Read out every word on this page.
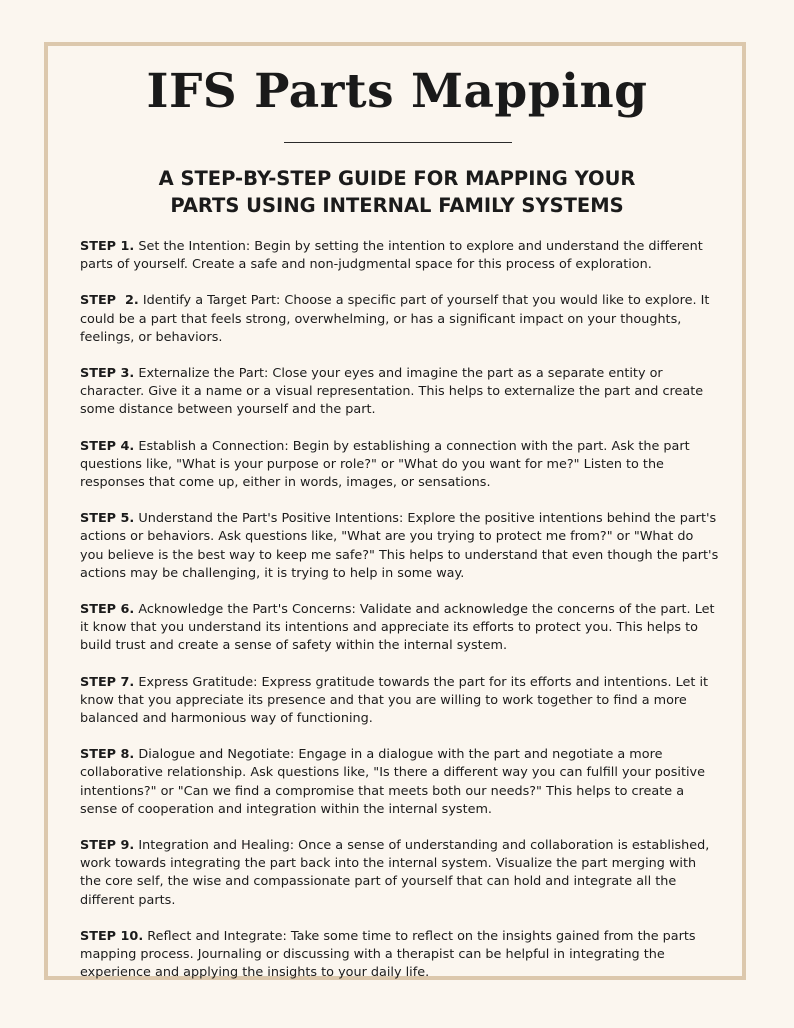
IFS Parts Mapping
A STEP-BY-STEP GUIDE FOR MAPPING YOUR
PARTS USING INTERNAL FAMILY SYSTEMS
STEP 1. Set the Intention: Begin by setting the intention to explore and understand the different parts of yourself. Create a safe and non-judgmental space for this process of exploration.
STEP  2. Identify a Target Part: Choose a specific part of yourself that you would like to explore. It could be a part that feels strong, overwhelming, or has a significant impact on your thoughts, feelings, or behaviors.
STEP 3. Externalize the Part: Close your eyes and imagine the part as a separate entity or character. Give it a name or a visual representation. This helps to externalize the part and create some distance between yourself and the part.
STEP 4. Establish a Connection: Begin by establishing a connection with the part. Ask the part questions like, "What is your purpose or role?" or "What do you want for me?" Listen to the responses that come up, either in words, images, or sensations.
STEP 5. Understand the Part's Positive Intentions: Explore the positive intentions behind the part's actions or behaviors. Ask questions like, "What are you trying to protect me from?" or "What do you believe is the best way to keep me safe?" This helps to understand that even though the part's actions may be challenging, it is trying to help in some way.
STEP 6. Acknowledge the Part's Concerns: Validate and acknowledge the concerns of the part. Let it know that you understand its intentions and appreciate its efforts to protect you. This helps to build trust and create a sense of safety within the internal system.
STEP 7. Express Gratitude: Express gratitude towards the part for its efforts and intentions. Let it know that you appreciate its presence and that you are willing to work together to find a more balanced and harmonious way of functioning.
STEP 8. Dialogue and Negotiate: Engage in a dialogue with the part and negotiate a more collaborative relationship. Ask questions like, "Is there a different way you can fulfill your positive intentions?" or "Can we find a compromise that meets both our needs?" This helps to create a sense of cooperation and integration within the internal system.
STEP 9. Integration and Healing: Once a sense of understanding and collaboration is established, work towards integrating the part back into the internal system. Visualize the part merging with the core self, the wise and compassionate part of yourself that can hold and integrate all the different parts.
STEP 10. Reflect and Integrate: Take some time to reflect on the insights gained from the parts mapping process. Journaling or discussing with a therapist can be helpful in integrating the experience and applying the insights to your daily life.
